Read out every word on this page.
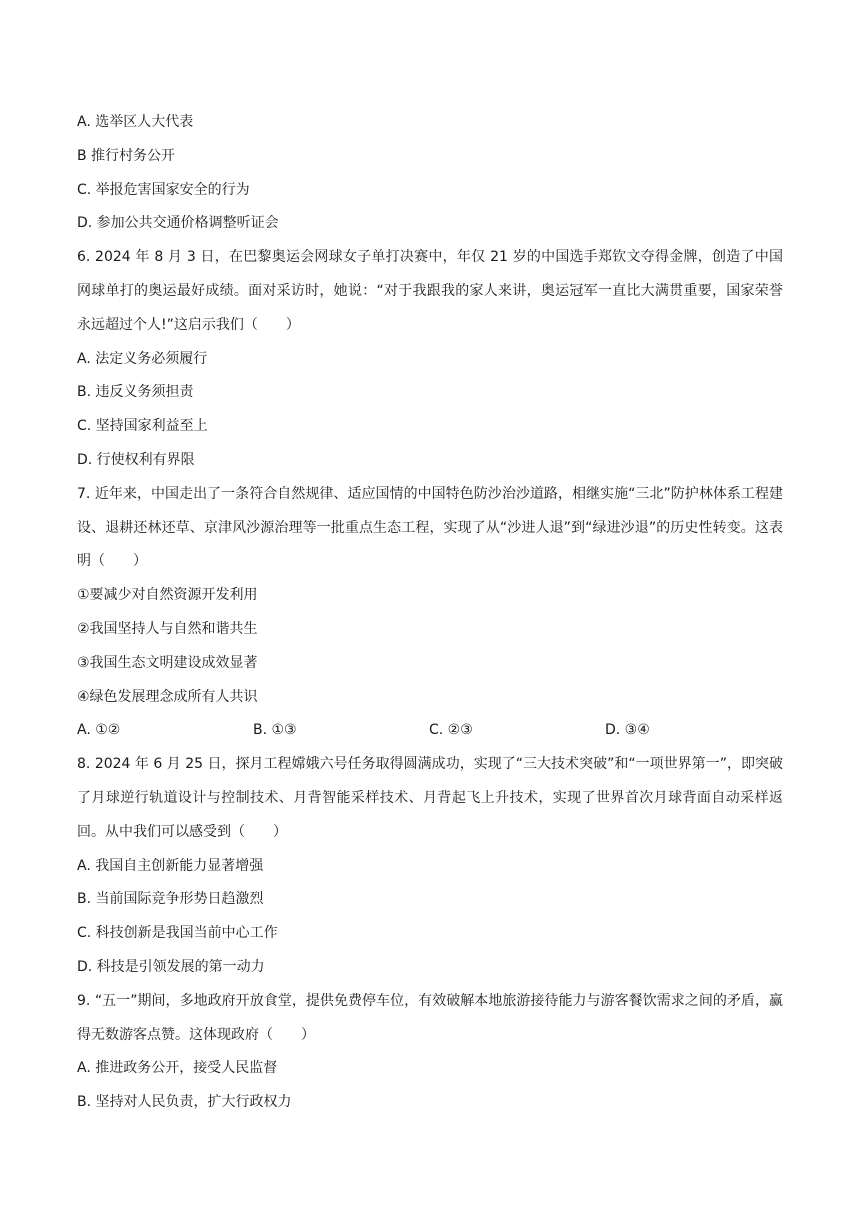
A. 选举区人大代表
B 推行村务公开
C. 举报危害国家安全的行为
D. 参加公共交通价格调整听证会
6. 2024 年 8 月 3 日，在巴黎奥运会网球女子单打决赛中，年仅 21 岁的中国选手郑钦文夺得金牌，创造了中国网球单打的奥运最好成绩。面对采访时，她说：“对于我跟我的家人来讲，奥运冠军一直比大满贯重要，国家荣誉永远超过个人!”这启示我们（　　）
A. 法定义务必须履行
B. 违反义务须担责
C. 坚持国家利益至上
D. 行使权利有界限
7. 近年来，中国走出了一条符合自然规律、适应国情的中国特色防沙治沙道路，相继实施“三北”防护林体系工程建设、退耕还林还草、京津风沙源治理等一批重点生态工程，实现了从“沙进人退”到“绿进沙退”的历史性转变。这表明（　　）
①要减少对自然资源开发利用
②我国坚持人与自然和谐共生
③我国生态文明建设成效显著
④绿色发展理念成所有人共识
A. ①②	B. ①③	C. ②③	D. ③④
8. 2024 年 6 月 25 日，探月工程嫦娥六号任务取得圆满成功，实现了“三大技术突破”和“一项世界第一”，即突破了月球逆行轨道设计与控制技术、月背智能采样技术、月背起飞上升技术，实现了世界首次月球背面自动采样返回。从中我们可以感受到（　　）
A. 我国自主创新能力显著增强
B. 当前国际竞争形势日趋激烈
C. 科技创新是我国当前中心工作
D. 科技是引领发展的第一动力
9. “五一”期间，多地政府开放食堂，提供免费停车位，有效破解本地旅游接待能力与游客餐饮需求之间的矛盾，赢得无数游客点赞。这体现政府（　　）
A. 推进政务公开，接受人民监督
B. 坚持对人民负责，扩大行政权力
